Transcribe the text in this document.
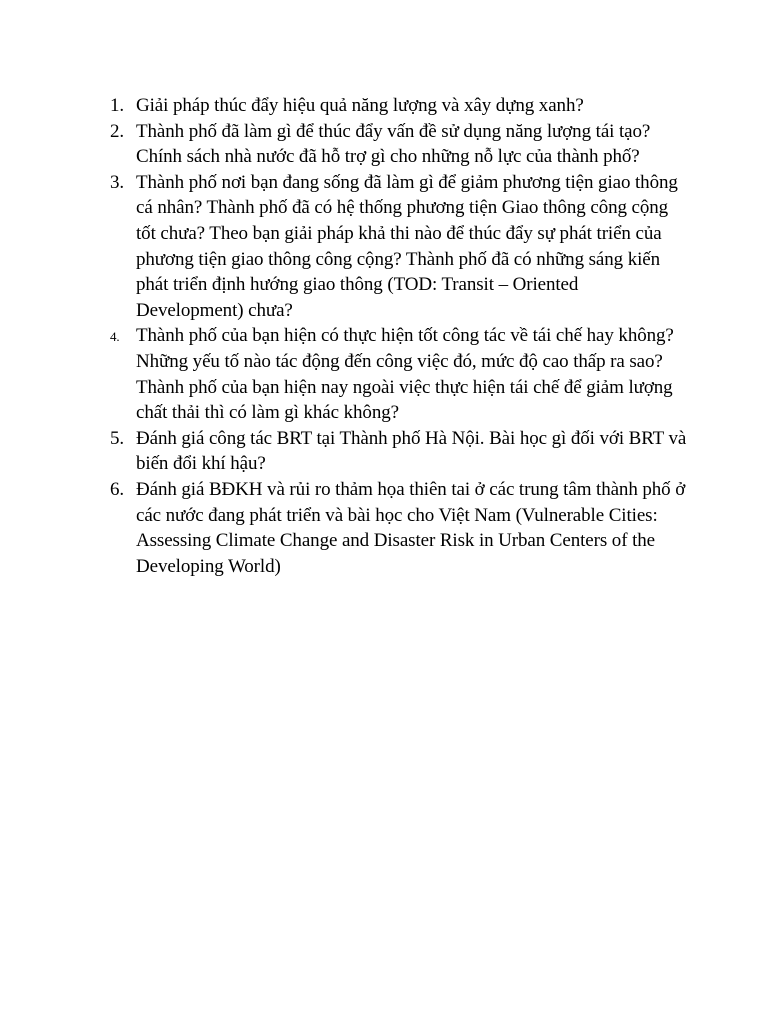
1. Giải pháp thúc đẩy hiệu quả năng lượng và xây dựng xanh?
2. Thành phố đã làm gì để thúc đẩy vấn đề sử dụng năng lượng tái tạo? Chính sách nhà nước đã hỗ trợ gì cho những nỗ lực của thành phố?
3. Thành phố nơi bạn đang sống đã làm gì để giảm phương tiện giao thông cá nhân? Thành phố đã có hệ thống phương tiện Giao thông công cộng tốt chưa? Theo bạn giải pháp khả thi nào để thúc đẩy sự phát triển của phương tiện giao thông công cộng? Thành phố đã có những sáng kiến phát triển định hướng giao thông (TOD: Transit – Oriented Development) chưa?
4. Thành phố của bạn hiện có thực hiện tốt công tác về tái chế hay không? Những yếu tố nào tác động đến công việc đó, mức độ cao thấp ra sao? Thành phố của bạn hiện nay ngoài việc thực hiện tái chế để giảm lượng chất thải thì có làm gì khác không?
5. Đánh giá công tác BRT tại Thành phố Hà Nội. Bài học gì đối với BRT và biến đổi khí hậu?
6. Đánh giá BĐKH và rủi ro thảm họa thiên tai ở các trung tâm thành phố ở các nước đang phát triển và bài học cho Việt Nam (Vulnerable Cities: Assessing Climate Change and Disaster Risk in Urban Centers of the Developing World)
